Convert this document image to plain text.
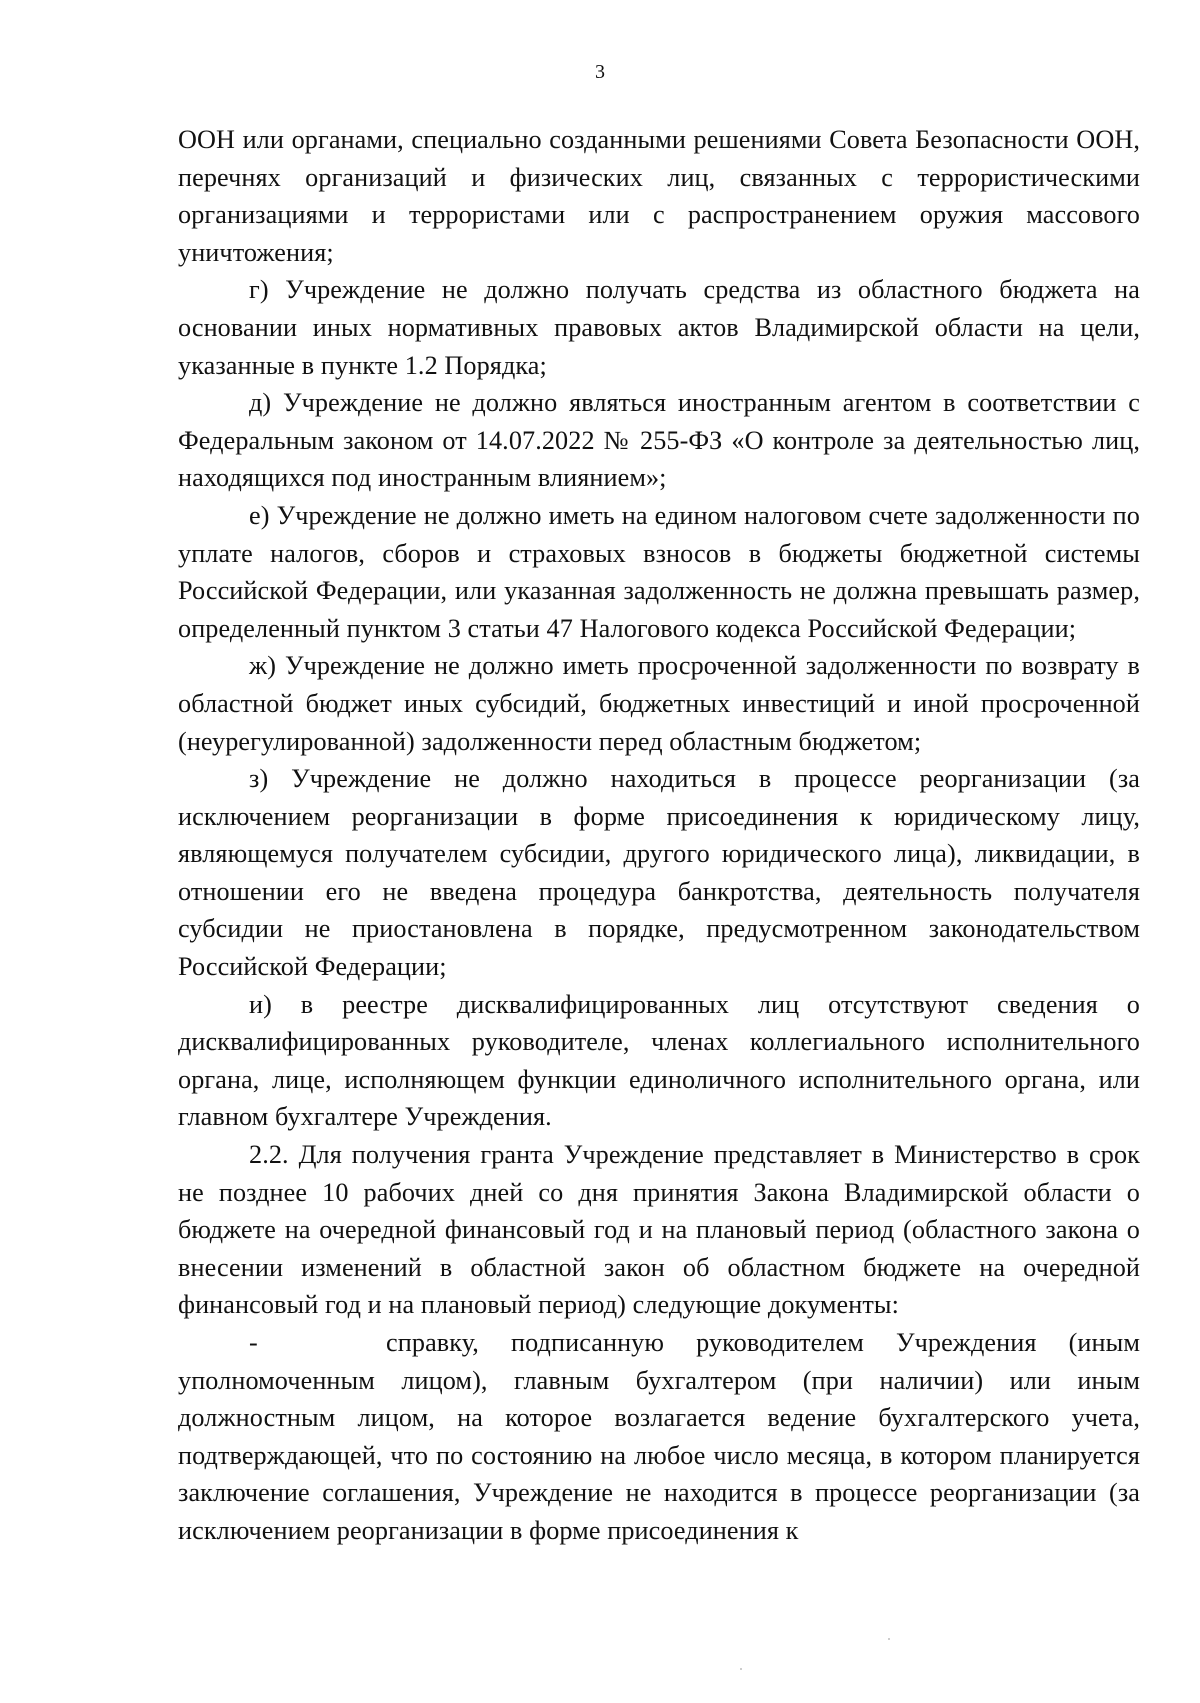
3

ООН или органами, специально созданными решениями Совета Безопасности ООН, перечнях организаций и физических лиц, связанных с террористическими организациями и террористами или с распространением оружия массового уничтожения;

г) Учреждение не должно получать средства из областного бюджета на основании иных нормативных правовых актов Владимирской области на цели, указанные в пункте 1.2 Порядка;

д) Учреждение не должно являться иностранным агентом в соответствии с Федеральным законом от 14.07.2022 № 255-ФЗ «О контроле за деятельностью лиц, находящихся под иностранным влиянием»;

е) Учреждение не должно иметь на едином налоговом счете задолженности по уплате налогов, сборов и страховых взносов в бюджеты бюджетной системы Российской Федерации, или указанная задолженность не должна превышать размер, определенный пунктом 3 статьи 47 Налогового кодекса Российской Федерации;

ж) Учреждение не должно иметь просроченной задолженности по возврату в областной бюджет иных субсидий, бюджетных инвестиций и иной просроченной (неурегулированной) задолженности перед областным бюджетом;

з) Учреждение не должно находиться в процессе реорганизации (за исключением реорганизации в форме присоединения к юридическому лицу, являющемуся получателем субсидии, другого юридического лица), ликвидации, в отношении его не введена процедура банкротства, деятельность получателя субсидии не приостановлена в порядке, предусмотренном законодательством Российской Федерации;

и) в реестре дисквалифицированных лиц отсутствуют сведения о дисквалифицированных руководителе, членах коллегиального исполнительного органа, лице, исполняющем функции единоличного исполнительного органа, или главном бухгалтере Учреждения.

2.2. Для получения гранта Учреждение представляет в Министерство в срок не позднее 10 рабочих дней со дня принятия Закона Владимирской области о бюджете на очередной финансовый год и на плановый период (областного закона о внесении изменений в областной закон об областном бюджете на очередной финансовый год и на плановый период) следующие документы:

-    справку, подписанную руководителем Учреждения (иным уполномоченным лицом), главным бухгалтером (при наличии) или иным должностным лицом, на которое возлагается ведение бухгалтерского учета, подтверждающей, что по состоянию на любое число месяца, в котором планируется заключение соглашения, Учреждение не находится в процессе реорганизации (за исключением реорганизации в форме присоединения к
